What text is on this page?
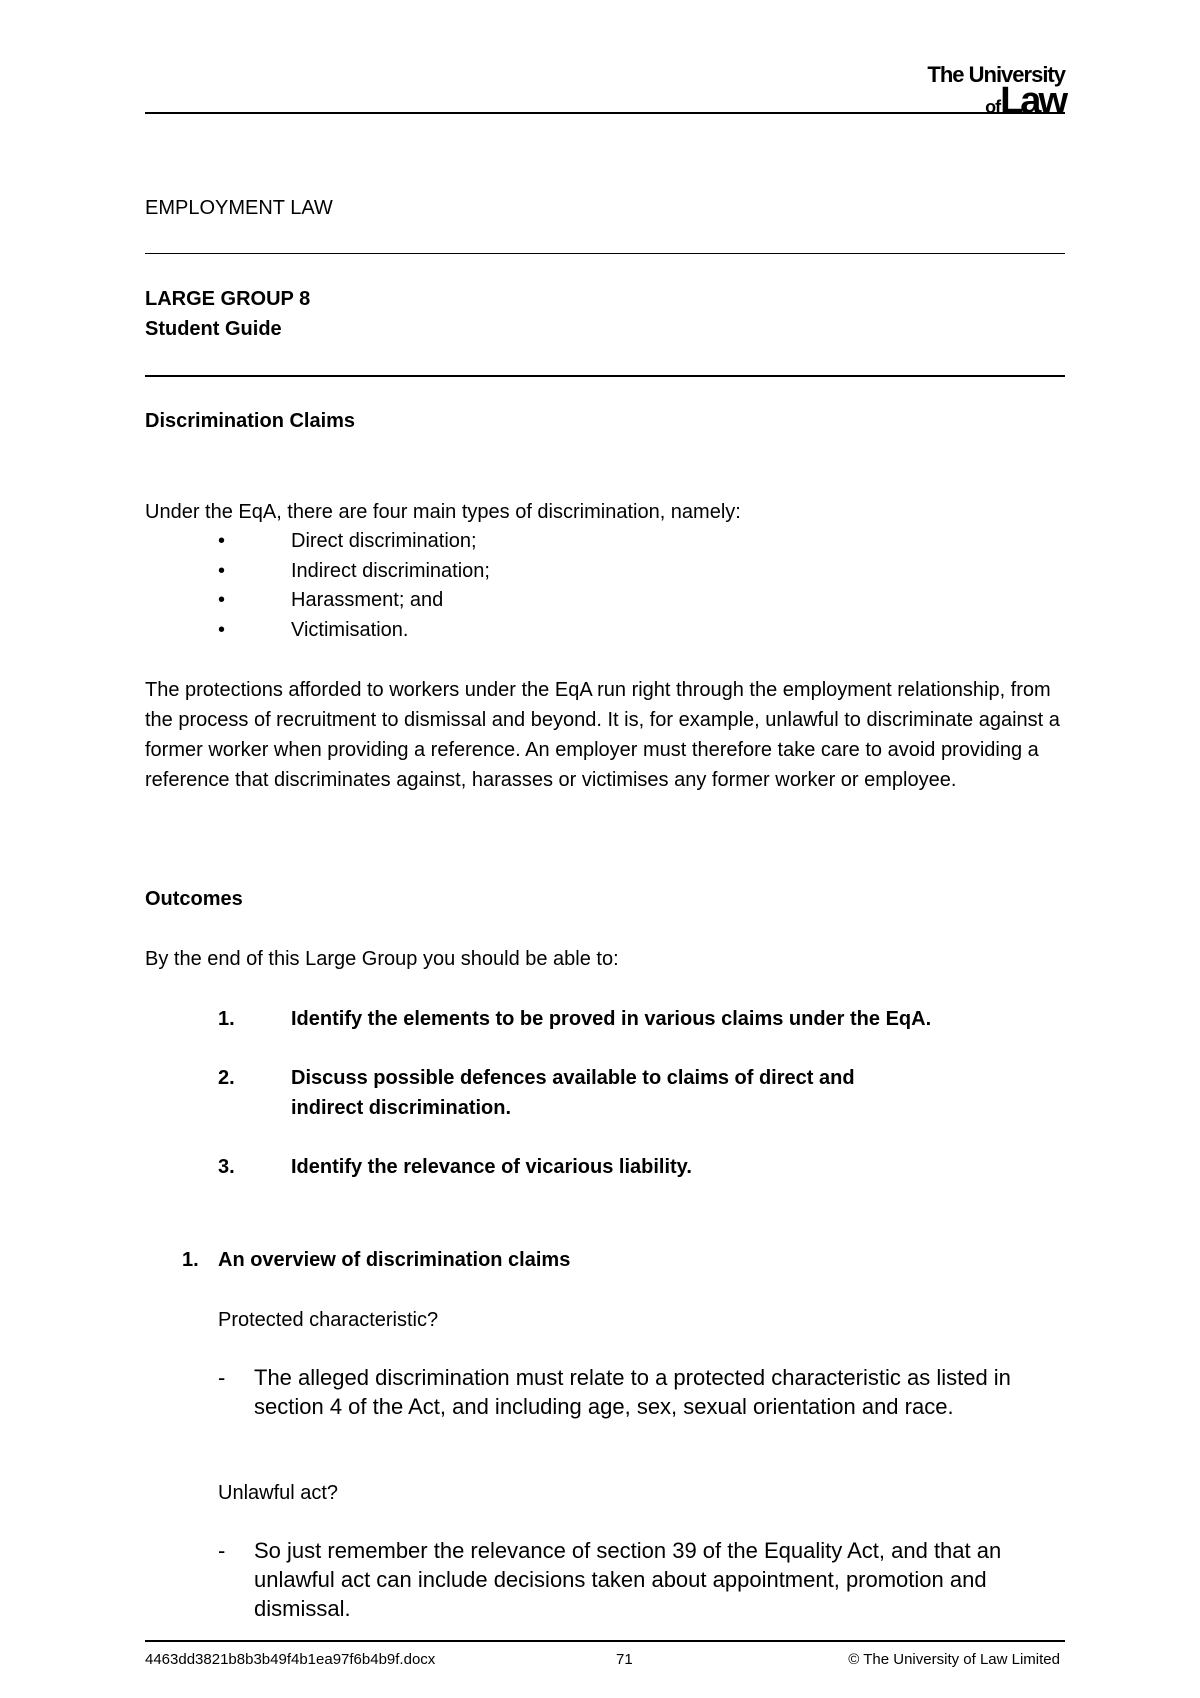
The University
ofLaw
EMPLOYMENT LAW
LARGE GROUP 8
Student Guide
Discrimination Claims
Under the EqA, there are four main types of discrimination, namely:
•	Direct discrimination;
•	Indirect discrimination;
•	Harassment; and
•	Victimisation.
The protections afforded to workers under the EqA run right through the employment relationship, from the process of recruitment to dismissal and beyond. It is, for example, unlawful to discriminate against a former worker when providing a reference. An employer must therefore take care to avoid providing a reference that discriminates against, harasses or victimises any former worker or employee.
Outcomes
By the end of this Large Group you should be able to:
1.	Identify the elements to be proved in various claims under the EqA.
2.	Discuss possible defences available to claims of direct and indirect discrimination.
3.	Identify the relevance of vicarious liability.
1. An overview of discrimination claims
Protected characteristic?
- The alleged discrimination must relate to a protected characteristic as listed in section 4 of the Act, and including age, sex, sexual orientation and race.
Unlawful act?
- So just remember the relevance of section 39 of the Equality Act, and that an unlawful act can include decisions taken about appointment, promotion and dismissal.
4463dd3821b8b3b49f4b1ea97f6b4b9f.docx	71	© The University of Law Limited
